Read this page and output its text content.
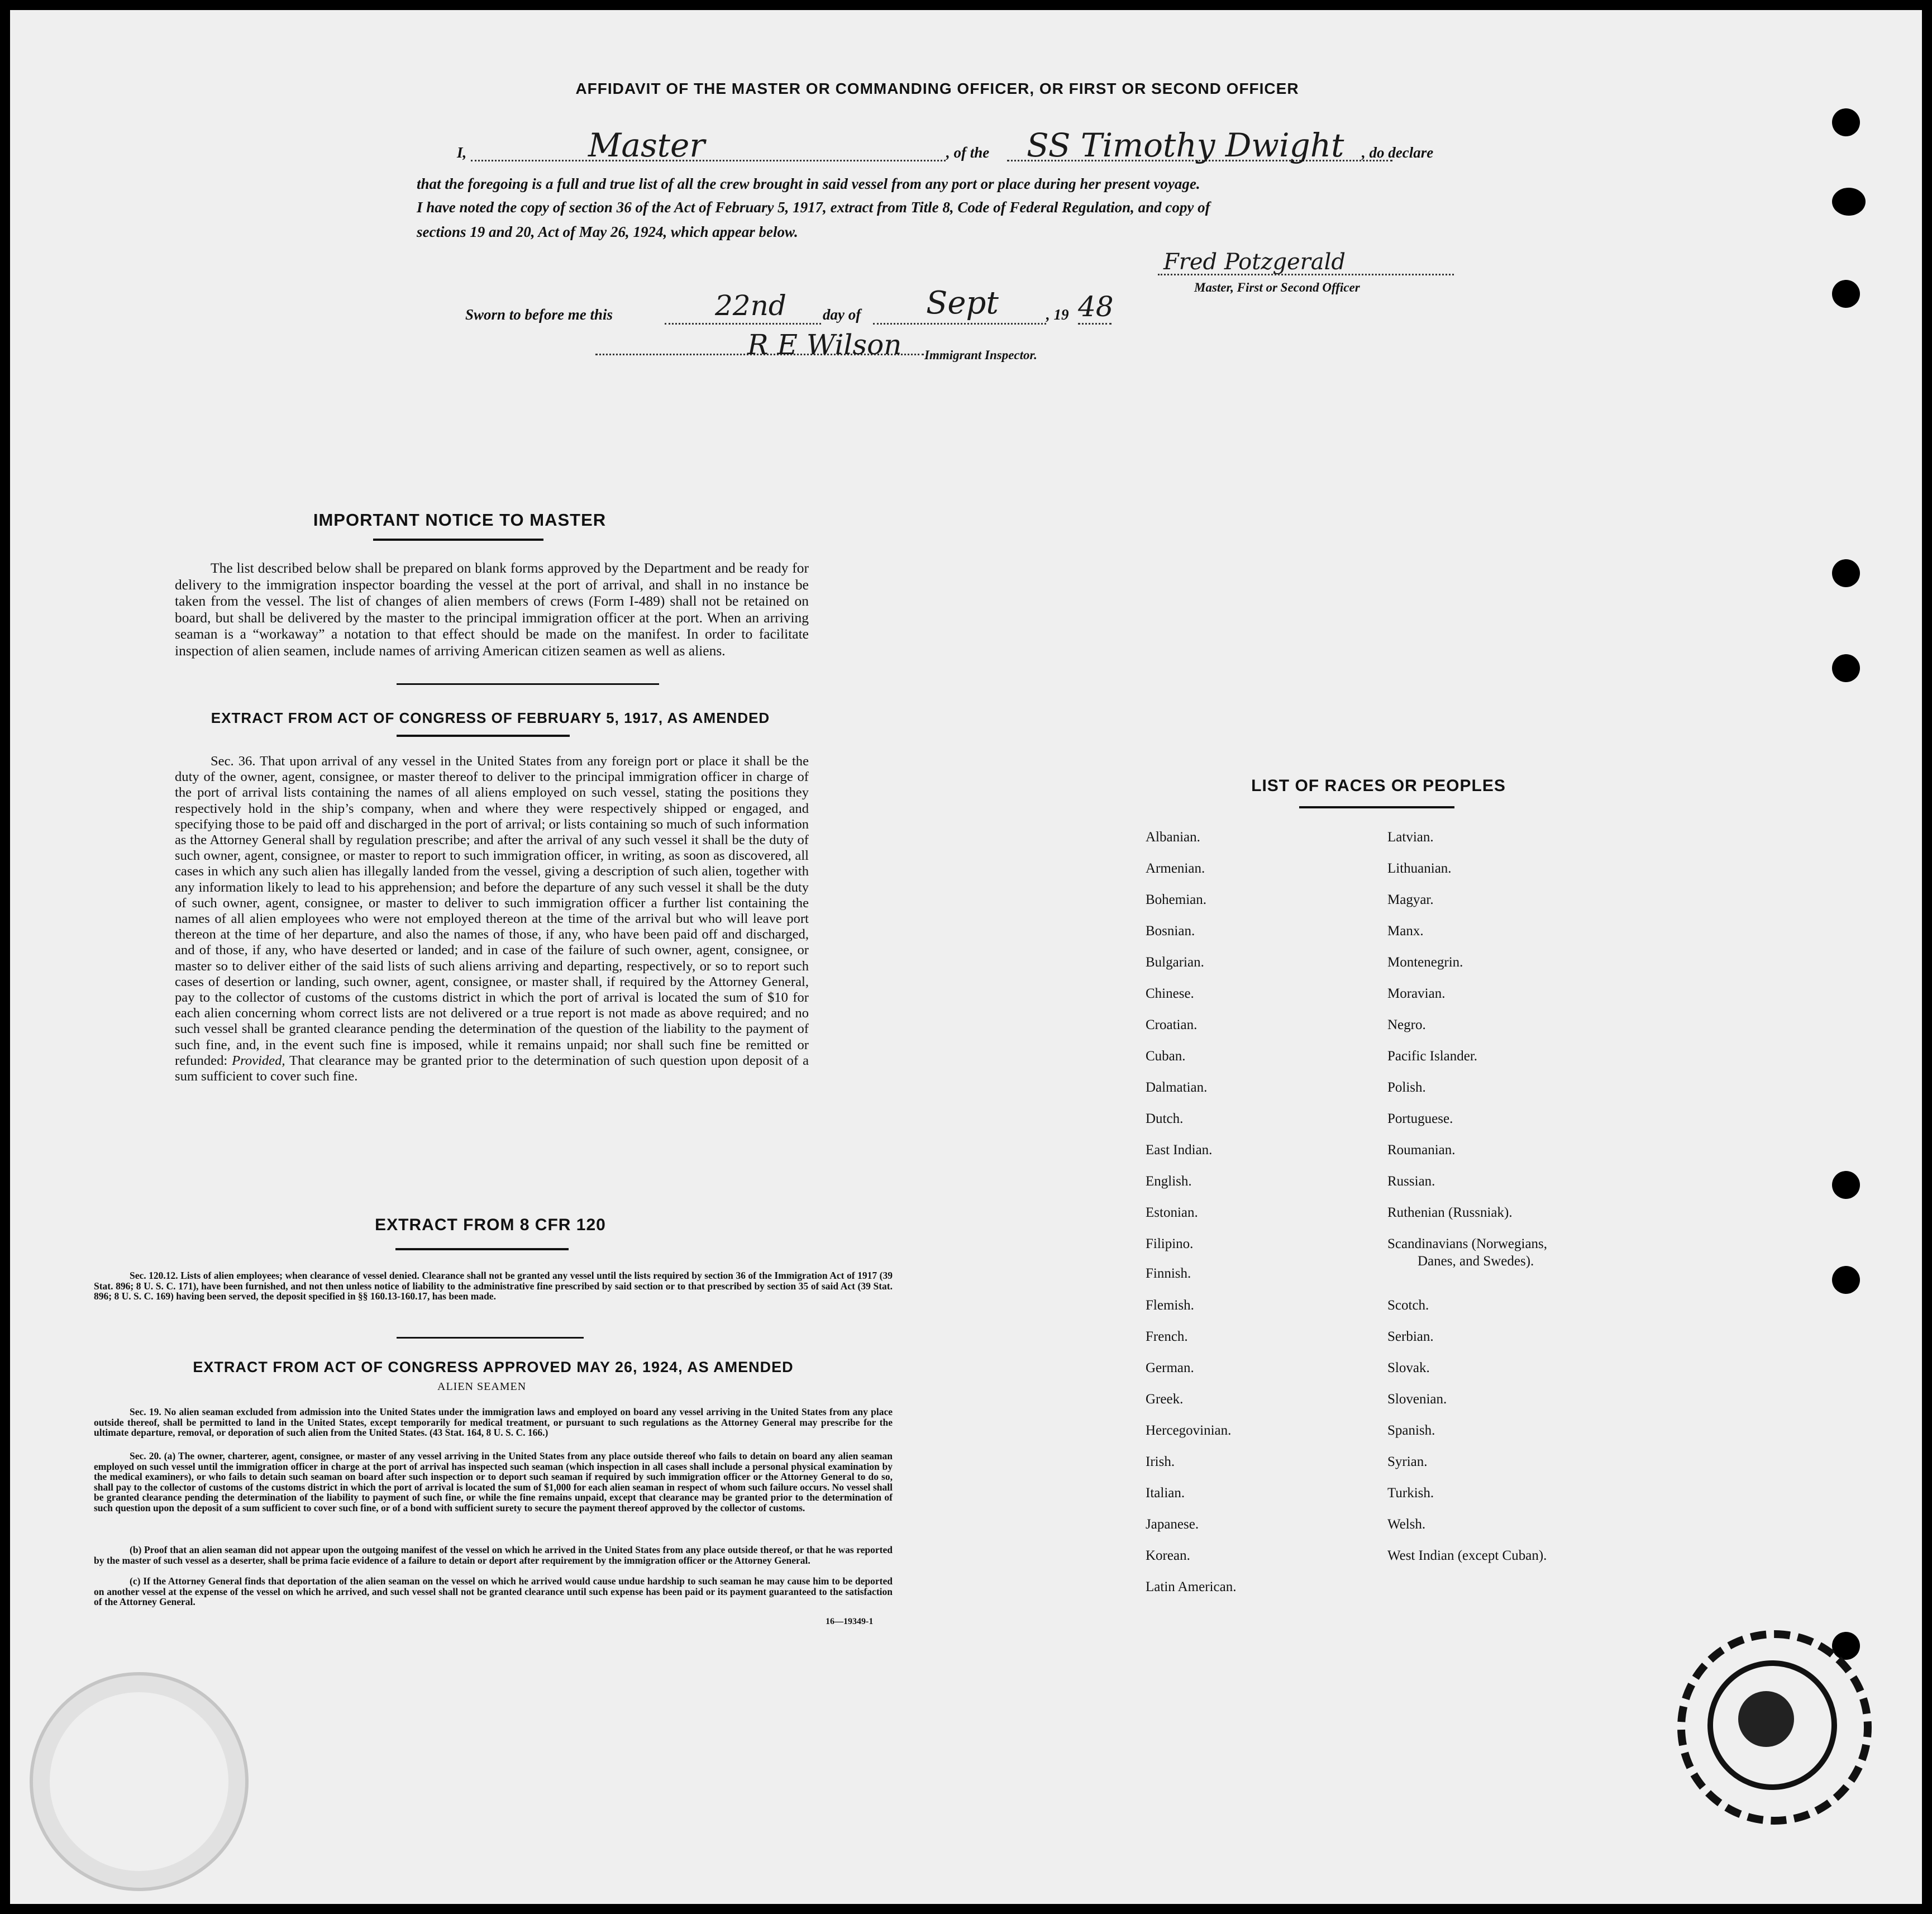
AFFIDAVIT OF THE MASTER OR COMMANDING OFFICER, OR FIRST OR SECOND OFFICER
I,	Master	, of the SS Timothy Dwight , do declare
that the foregoing is a full and true list of all the crew brought in said vessel from any port or place during her present voyage.
I have noted the copy of section 36 of the Act of February 5, 1917, extract from Title 8, Code of Federal Regulation, and copy of
sections 19 and 20, Act of May 26, 1924, which appear below.
Fred Potzgerald
Master, First or Second Officer
Sworn to before me this	22nd day of Sept	, 19 48
R E Wilson Immigrant Inspector.
IMPORTANT NOTICE TO MASTER
The list described below shall be prepared on blank forms approved by the Department and be ready for delivery to the immigration inspector boarding the vessel at the port of arrival, and shall in no instance be taken from the vessel. The list of changes of alien members of crews (Form I-489) shall not be retained on board, but shall be delivered by the master to the principal immigration officer at the port. When an arriving seaman is a “workaway” a notation to that effect should be made on the manifest. In order to facilitate inspection of alien seamen, include names of arriving American citizen seamen as well as aliens.
EXTRACT FROM ACT OF CONGRESS OF FEBRUARY 5, 1917, AS AMENDED
Sec. 36. That upon arrival of any vessel in the United States from any foreign port or place it shall be the duty of the owner, agent, consignee, or master thereof to deliver to the principal immigration officer in charge of the port of arrival lists containing the names of all aliens employed on such vessel, stating the positions they respectively hold in the ship’s company, when and where they were respectively shipped or engaged, and specifying those to be paid off and discharged in the port of arrival; or lists containing so much of such information as the Attorney General shall by regulation prescribe; and after the arrival of any such vessel it shall be the duty of such owner, agent, consignee, or master to report to such immigration officer, in writing, as soon as discovered, all cases in which any such alien has illegally landed from the vessel, giving a description of such alien, together with any information likely to lead to his apprehension; and before the departure of any such vessel it shall be the duty of such owner, agent, consignee, or master to deliver to such immigration officer a further list containing the names of all alien employees who were not employed thereon at the time of the arrival but who will leave port thereon at the time of her departure, and also the names of those, if any, who have been paid off and discharged, and of those, if any, who have deserted or landed; and in case of the failure of such owner, agent, consignee, or master so to deliver either of the said lists of such aliens arriving and departing, respectively, or so to report such cases of desertion or landing, such owner, agent, consignee, or master shall, if required by the Attorney General, pay to the collector of customs of the customs district in which the port of arrival is located the sum of $10 for each alien concerning whom correct lists are not delivered or a true report is not made as above required; and no such vessel shall be granted clearance pending the determination of the question of the liability to the payment of such fine, and, in the event such fine is imposed, while it remains unpaid; nor shall such fine be remitted or refunded: Provided, That clearance may be granted prior to the determination of such question upon deposit of a sum sufficient to cover such fine.
EXTRACT FROM 8 CFR 120
Sec. 120.12. Lists of alien employees; when clearance of vessel denied. Clearance shall not be granted any vessel until the lists required by section 36 of the Immigration Act of 1917 (39 Stat. 896; 8 U. S. C. 171), have been furnished, and not then unless notice of liability to the administrative fine prescribed by said section or to that prescribed by section 35 of said Act (39 Stat. 896; 8 U. S. C. 169) having been served, the deposit specified in §§ 160.13-160.17, has been made.
EXTRACT FROM ACT OF CONGRESS APPROVED MAY 26, 1924, AS AMENDED
ALIEN SEAMEN
Sec. 19. No alien seaman excluded from admission into the United States under the immigration laws and employed on board any vessel arriving in the United States from any place outside thereof, shall be permitted to land in the United States, except temporarily for medical treatment, or pursuant to such regulations as the Attorney General may prescribe for the ultimate departure, removal, or deporation of such alien from the United States. (43 Stat. 164, 8 U. S. C. 166.)
Sec. 20. (a) The owner, charterer, agent, consignee, or master of any vessel arriving in the United States from any place outside thereof who fails to detain on board any alien seaman employed on such vessel until the immigration officer in charge at the port of arrival has inspected such seaman (which inspection in all cases shall include a personal physical examination by the medical examiners), or who fails to detain such seaman on board after such inspection or to deport such seaman if required by such immigration officer or the Attorney General to do so, shall pay to the collector of customs of the customs district in which the port of arrival is located the sum of $1,000 for each alien seaman in respect of whom such failure occurs. No vessel shall be granted clearance pending the determination of the liability to payment of such fine, or while the fine remains unpaid, except that clearance may be granted prior to the determination of such question upon the deposit of a sum sufficient to cover such fine, or of a bond with sufficient surety to secure the payment thereof approved by the collector of customs.
(b) Proof that an alien seaman did not appear upon the outgoing manifest of the vessel on which he arrived in the United States from any place outside thereof, or that he was reported by the master of such vessel as a deserter, shall be prima facie evidence of a failure to detain or deport after requirement by the immigration officer or the Attorney General.
(c) If the Attorney General finds that deportation of the alien seaman on the vessel on which he arrived would cause undue hardship to such seaman he may cause him to be deported on another vessel at the expense of the vessel on which he arrived, and such vessel shall not be granted clearance until such expense has been paid or its payment guaranteed to the satisfaction of the Attorney General.
16—19349-1
LIST OF RACES OR PEOPLES
Albanian.
Armenian.
Bohemian.
Bosnian.
Bulgarian.
Chinese.
Croatian.
Cuban.
Dalmatian.
Dutch.
East Indian.
English.
Estonian.
Filipino.
Finnish.
Flemish.
French.
German.
Greek.
Hercegovinian.
Irish.
Italian.
Japanese.
Korean.
Latin American.
Latvian.
Lithuanian.
Magyar.
Manx.
Montenegrin.
Moravian.
Negro.
Pacific Islander.
Polish.
Portuguese.
Roumanian.
Russian.
Ruthenian (Russniak).
Scandinavians (Norwegians,
Danes, and Swedes).
Scotch.
Serbian.
Slovak.
Slovenian.
Spanish.
Syrian.
Turkish.
Welsh.
West Indian (except Cuban).
